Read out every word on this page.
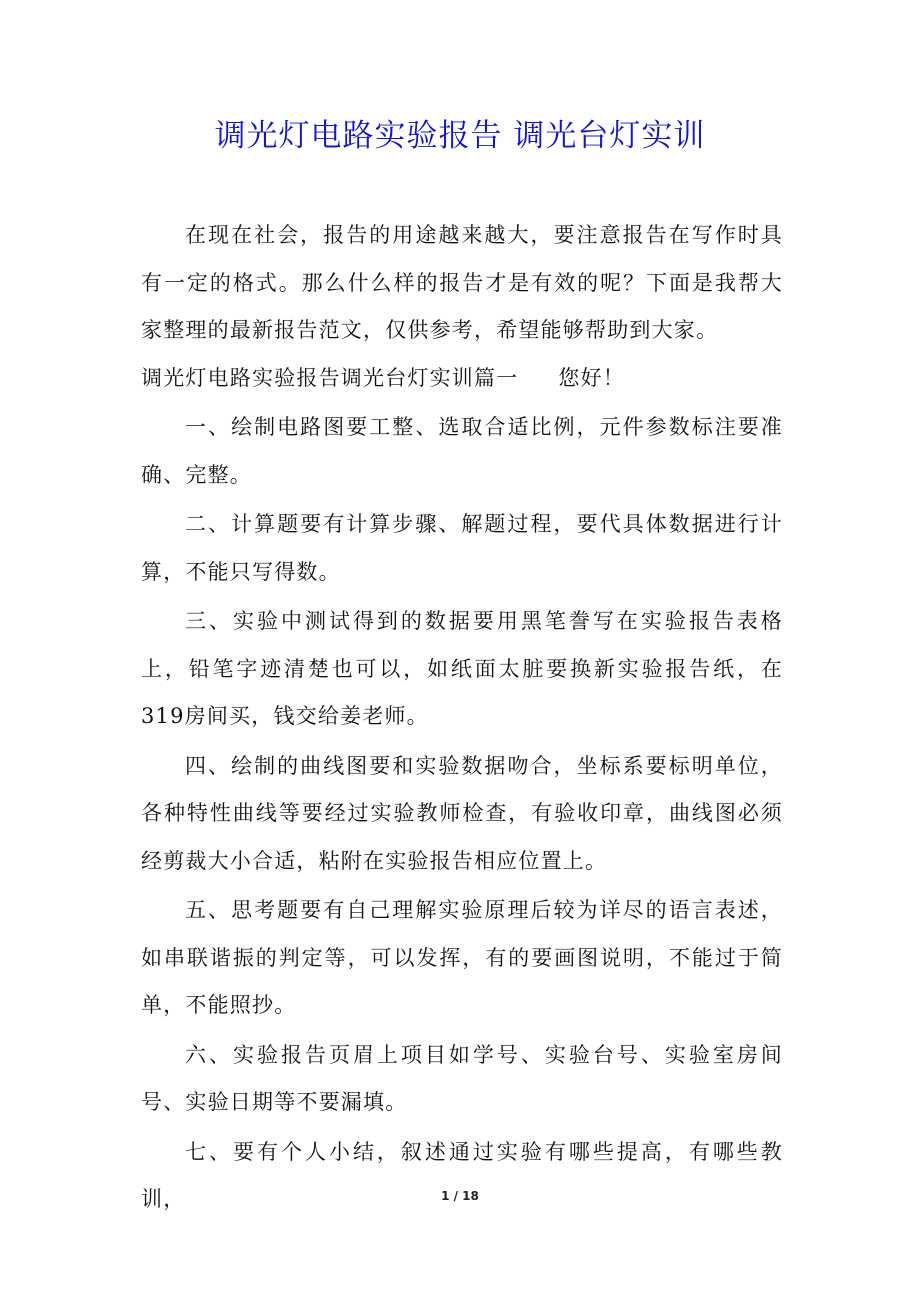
调光灯电路实验报告 调光台灯实训

在现在社会，报告的用途越来越大，要注意报告在写作时具有一定的格式。那么什么样的报告才是有效的呢？下面是我帮大家整理的最新报告范文，仅供参考，希望能够帮助到大家。

调光灯电路实验报告调光台灯实训篇一 您好！

一、绘制电路图要工整、选取合适比例，元件参数标注要准确、完整。

二、计算题要有计算步骤、解题过程，要代具体数据进行计算，不能只写得数。

三、实验中测试得到的数据要用黑笔誊写在实验报告表格上，铅笔字迹清楚也可以，如纸面太脏要换新实验报告纸，在319房间买，钱交给姜老师。

四、绘制的曲线图要和实验数据吻合，坐标系要标明单位，各种特性曲线等要经过实验教师检查，有验收印章，曲线图必须经剪裁大小合适，粘附在实验报告相应位置上。

五、思考题要有自己理解实验原理后较为详尽的语言表述，如串联谐振的判定等，可以发挥，有的要画图说明，不能过于简单，不能照抄。

六、实验报告页眉上项目如学号、实验台号、实验室房间号、实验日期等不要漏填。

七、要有个人小结，叙述通过实验有哪些提高，有哪些教训，	1 / 18
